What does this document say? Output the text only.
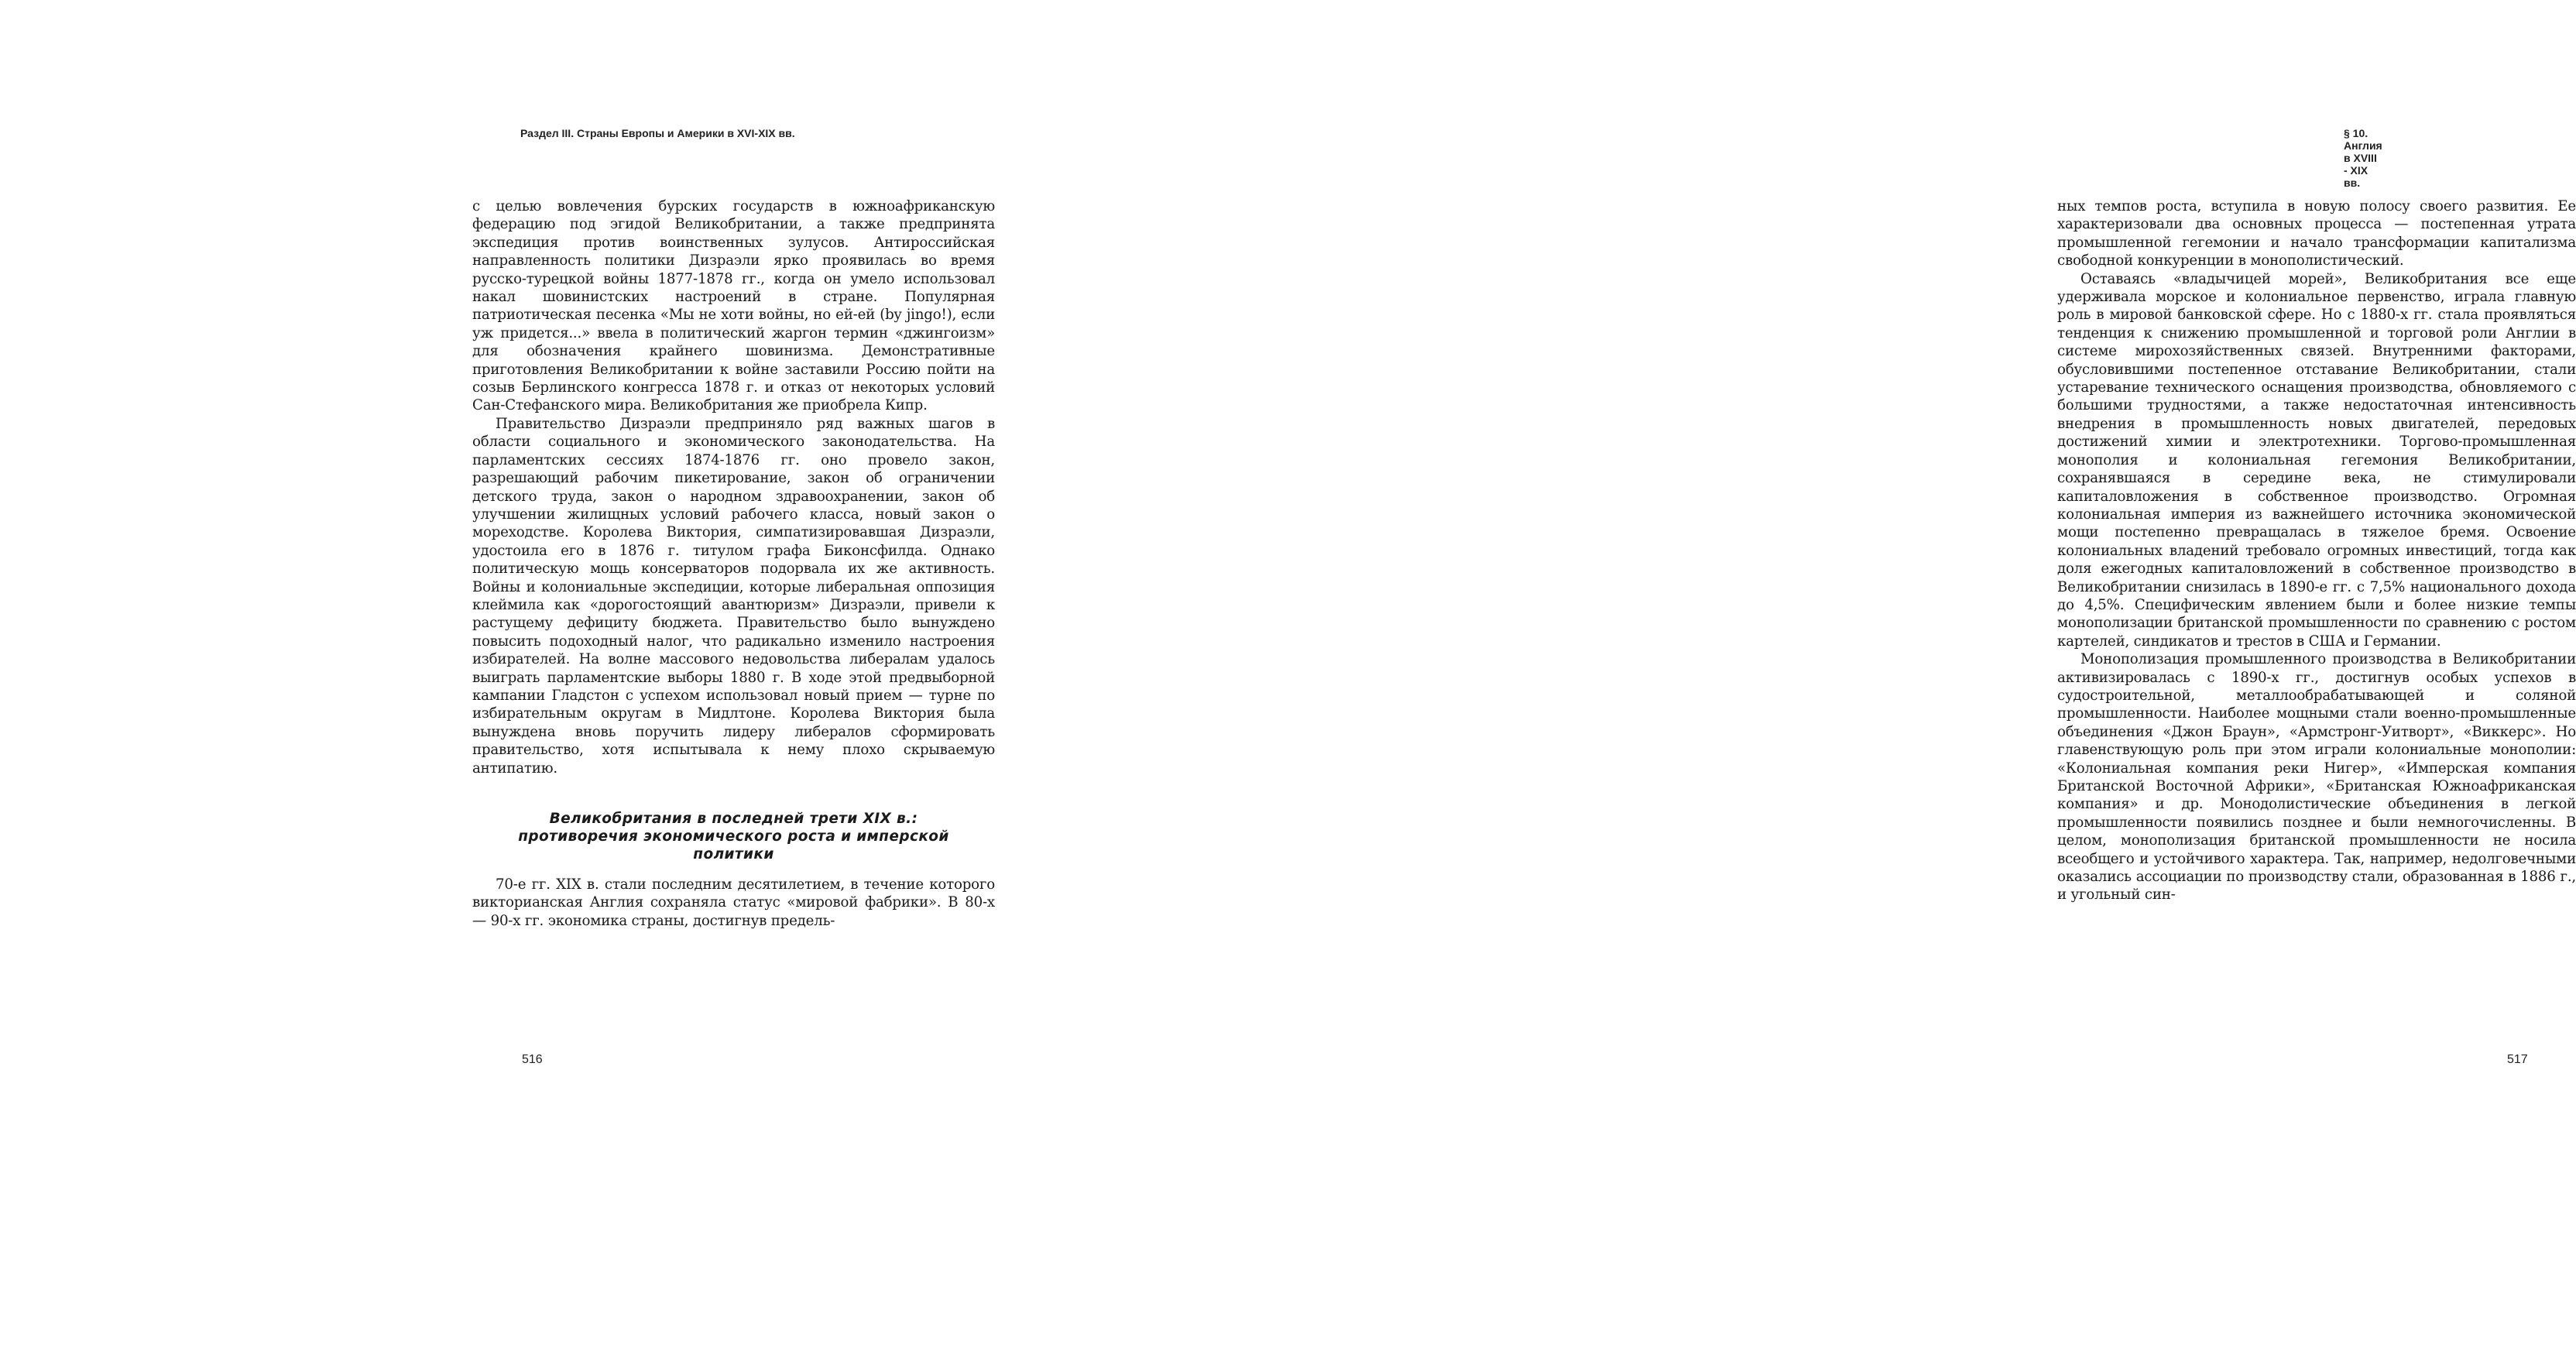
Раздел III. Страны Европы и Америки в XVI-XIX вв.

с целью вовлечения бурских государств в южноафриканскую федерацию под эгидой Великобритании, а также предпринята экспедиция против воинственных зулусов. Антироссийская направленность политики Дизраэли ярко проявилась во время русско-турецкой войны 1877-1878 гг., когда он умело использовал накал шовинистских настроений в стране. Популярная патриотическая песенка «Мы не хоти войны, но ей-ей (by jingo!), если уж придется...» ввела в политический жаргон термин «джингоизм» для обозначения крайнего шовинизма. Демонстративные приготовления Великобритании к войне заставили Россию пойти на созыв Берлинского конгресса 1878 г. и отказ от некоторых условий Сан-Стефанского мира. Великобритания же приобрела Кипр.

Правительство Дизраэли предприняло ряд важных шагов в области социального и экономического законодательства. На парламентских сессиях 1874-1876 гг. оно провело закон, разрешающий рабочим пикетирование, закон об ограничении детского труда, закон о народном здравоохранении, закон об улучшении жилищных условий рабочего класса, новый закон о мореходстве. Королева Виктория, симпатизировавшая Дизраэли, удостоила его в 1876 г. титулом графа Биконсфилда. Однако политическую мощь консерваторов подорвала их же активность. Войны и колониальные экспедиции, которые либеральная оппозиция клеймила как «дорогостоящий авантюризм» Дизраэли, привели к растущему дефициту бюджета. Правительство было вынуждено повысить подоходный налог, что радикально изменило настроения избирателей. На волне массового недовольства либералам удалось выиграть парламентские выборы 1880 г. В ходе этой предвыборной кампании Гладстон с успехом использовал новый прием — турне по избирательным округам в Мидлтоне. Королева Виктория была вынуждена вновь поручить лидеру либералов сформировать правительство, хотя испытывала к нему плохо скрываемую антипатию.

Великобритания в последней трети XIX в.: противоречия экономического роста и имперской политики

70-е гг. XIX в. стали последним десятилетием, в течение которого викторианская Англия сохраняла статус «мировой фабрики». В 80-х — 90-х гг. экономика страны, достигнув предель-

516
§ 10. Англия в XVIII - XIX вв.

ных темпов роста, вступила в новую полосу своего развития. Ее характеризовали два основных процесса — постепенная утрата промышленной гегемонии и начало трансформации капитализма свободной конкуренции в монополистический.

Оставаясь «владычицей морей», Великобритания все еще удерживала морское и колониальное первенство, играла главную роль в мировой банковской сфере. Но с 1880-х гг. стала проявляться тенденция к снижению промышленной и торговой роли Англии в системе мирохозяйственных связей. Внутренними факторами, обусловившими постепенное отставание Великобритании, стали устаревание технического оснащения производства, обновляемого с большими трудностями, а также недостаточная интенсивность внедрения в промышленность новых двигателей, передовых достижений химии и электротехники. Торгово-промышленная монополия и колониальная гегемония Великобритании, сохранявшаяся в середине века, не стимулировали капиталовложения в собственное производство. Огромная колониальная империя из важнейшего источника экономической мощи постепенно превращалась в тяжелое бремя. Освоение колониальных владений требовало огромных инвестиций, тогда как доля ежегодных капиталовложений в собственное производство в Великобритании снизилась в 1890-е гг. с 7,5% национального дохода до 4,5%. Специфическим явлением были и более низкие темпы монополизации британской промышленности по сравнению с ростом картелей, синдикатов и трестов в США и Германии.

Монополизация промышленного производства в Великобритании активизировалась с 1890-х гг., достигнув особых успехов в судостроительной, металлообрабатывающей и соляной промышленности. Наиболее мощными стали военно-промышленные объединения «Джон Браун», «Армстронг-Уитворт», «Виккерс». Но главенствующую роль при этом играли колониальные монополии: «Колониальная компания реки Нигер», «Имперская компания Британской Восточной Африки», «Британская Южноафриканская компания» и др. Монодолистические объединения в легкой промышленности появились позднее и были немногочисленны. В целом, монополизация британской промышленности не носила всеобщего и устойчивого характера. Так, например, недолговечными оказались ассоциации по производству стали, образованная в 1886 г., и угольный син-

517
